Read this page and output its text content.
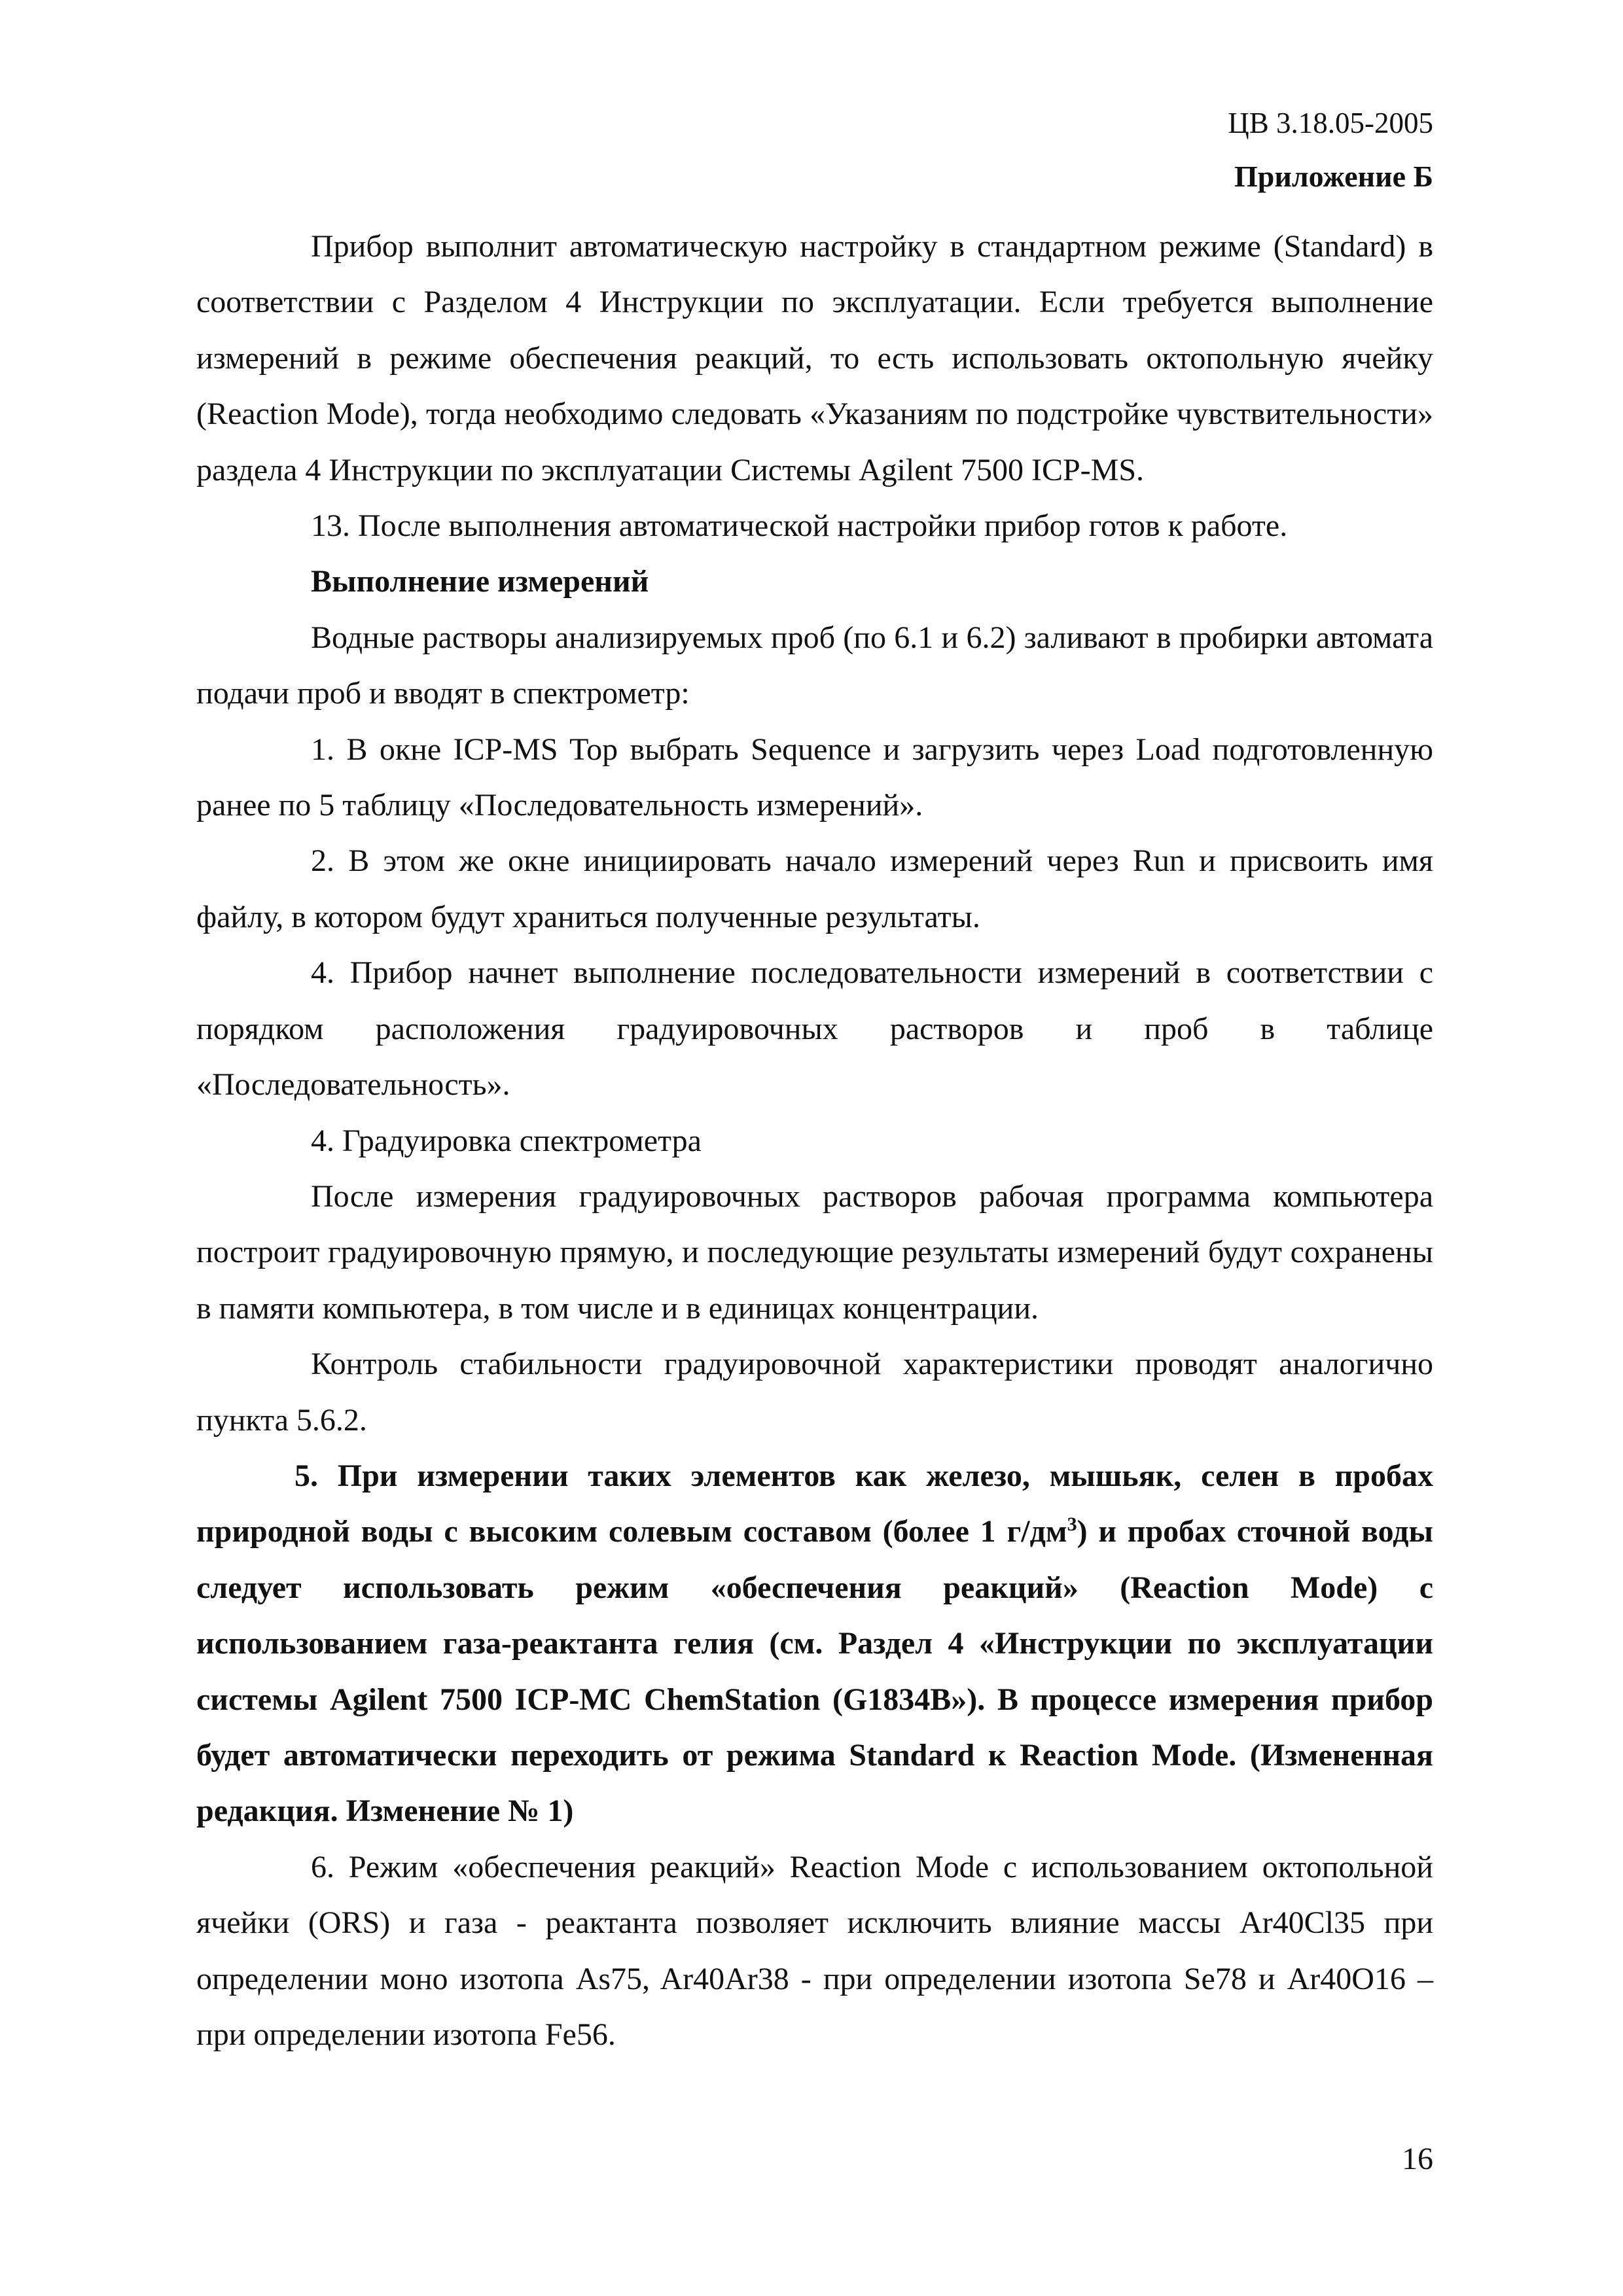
ЦВ 3.18.05-2005
Приложение Б

Прибор выполнит автоматическую настройку в стандартном режиме (Standard) в соответствии с Разделом 4 Инструкции по эксплуатации. Если требуется выполнение измерений в режиме обеспечения реакций, то есть использовать октопольную ячейку (Reaction Mode), тогда необходимо следовать «Указаниям по подстройке чувствительности» раздела 4 Инструкции по эксплуатации Системы Agilent 7500 ICP-MS.

13. После выполнения автоматической настройки прибор готов к работе.

Выполнение измерений

Водные растворы анализируемых проб (по 6.1 и 6.2) заливают в пробирки автомата подачи проб и вводят в спектрометр:

1. В окне ICP-MS Top выбрать Sequence и загрузить через Load подготовленную ранее по 5 таблицу «Последовательность измерений».

2. В этом же окне инициировать начало измерений через Run и присвоить имя файлу, в котором будут храниться полученные результаты.

4. Прибор начнет выполнение последовательности измерений в соответствии с порядком расположения градуировочных растворов и проб в таблице «Последовательность».

4. Градуировка спектрометра

После измерения градуировочных растворов рабочая программа компьютера построит градуировочную прямую, и последующие результаты измерений будут сохранены в памяти компьютера, в том числе и в единицах концентрации.

Контроль стабильности градуировочной характеристики проводят аналогично пункта 5.6.2.

5. При измерении таких элементов как железо, мышьяк, селен в пробах природной воды с высоким солевым составом (более 1 $г/дм^3$) и пробах сточной воды следует использовать режим «обеспечения реакций» (Reaction Mode) с использованием газа-реактанта гелия (см. Раздел 4 «Инструкции по эксплуатации системы Agilent 7500 ICP-MC ChemStation (G1834B»). В процессе измерения прибор будет автоматически переходить от режима Standard к Reaction Mode. (Измененная редакция. Изменение № 1)

6. Режим «обеспечения реакций» Reaction Mode с использованием октопольной ячейки (ORS) и газа - реактанта позволяет исключить влияние массы Ar40Cl35 при определении моно изотопа As75, Ar40Ar38 - при определении изотопа Se78 и Ar40O16 – при определении изотопа Fe56.

16
